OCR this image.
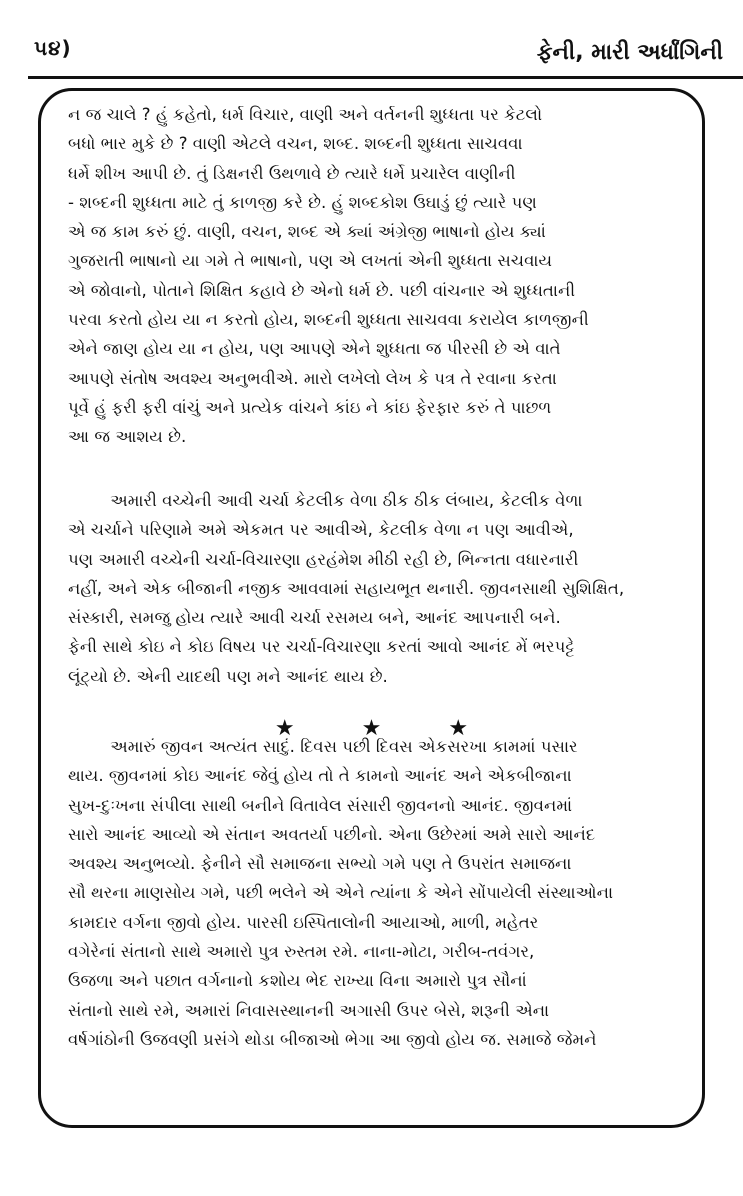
૫૪)	ફેની, મારી અર્ધાંગિની
ન જ ચાલે ? હું કહેતો, ધર્મ વિચાર, વાણી અને વર્તનની શુધ્ધતા પર કેટલો
બધો ભાર મુકે છે ? વાણી એટલે વચન, શબ્દ. શબ્દની શુધ્ધતા સાચવવા
ધર્મે શીખ આપી છે. તું ડિક્ષનરી ઉથળાવે છે ત્યારે ધર્મે પ્રચારેલ વાણીની
- શબ્દની શુધ્ધતા માટે તું કાળજી કરે છે. હું શબ્દકોશ ઉઘાડું છું ત્યારે પણ
એ જ કામ કરું છું. વાણી, વચન, શબ્દ એ ક્યાં અંગ્રેજી ભાષાનો હોય ક્યાં
ગુજરાતી ભાષાનો યા ગમે તે ભાષાનો, પણ એ લખતાં એની શુધ્ધતા સચવાય
એ જોવાનો, પોતાને શિક્ષિત કહાવે છે એનો ધર્મ છે. પછી વાંચનાર એ શુધ્ધતાની
પરવા કરતો હોય યા ન કરતો હોય, શબ્દની શુધ્ધતા સાચવવા કરાયેલ કાળજીની
એને જાણ હોય યા ન હોય, પણ આપણે એને શુધ્ધતા જ પીરસી છે એ વાતે
આપણે સંતોષ અવશ્ય અનુભવીએ. મારો લખેલો લેખ કે પત્ર તે રવાના કરતા
પૂર્વે હું ફરી ફરી વાંચું અને પ્રત્યેક વાંચને કાંઇ ને કાંઇ ફેરફાર કરું તે પાછળ
આ જ આશય છે.
અમારી વચ્ચેની આવી ચર્ચા કેટલીક વેળા ઠીક ઠીક લંબાય, કેટલીક વેળા
એ ચર્ચાને પરિણામે અમે એકમત પર આવીએ, કેટલીક વેળા ન પણ આવીએ,
પણ અમારી વચ્ચેની ચર્ચા-વિચારણા હરહંમેશ મીઠી રહી છે, ભિન્નતા વધારનારી
નહીં, અને એક બીજાની નજીક આવવામાં સહાયભૂત થનારી. જીવનસાથી સુશિક્ષિત,
સંસ્કારી, સમજુ હોય ત્યારે આવી ચર્ચા રસમય બને, આનંદ આપનારી બને.
ફેની સાથે કોઇ ને કોઇ વિષય પર ચર્ચા-વિચારણા કરતાં આવો આનંદ મેં ભરપટ્ટે
લૂંટ્યો છે. એની યાદથી પણ મને આનંદ થાય છે.
★ ★ ★
અમારું જીવન અત્યંત સાદું. દિવસ પછી દિવસ એકસરખા કામમાં પસાર
થાય. જીવનમાં કોઇ આનંદ જેવું હોય તો તે કામનો આનંદ અને એકબીજાના
સુખ-દુઃખના સંપીલા સાથી બનીને વિતાવેલ સંસારી જીવનનો આનંદ. જીવનમાં
સારો આનંદ આવ્યો એ સંતાન અવતર્યા પછીનો. એના ઉછેરમાં અમે સારો આનંદ
અવશ્ય અનુભવ્યો. ફેનીને સૌ સમાજના સભ્યો ગમે પણ તે ઉપરાંત સમાજના
સૌ થરના માણસોય ગમે, પછી ભલેને એ એને ત્યાંના કે એને સોંપાયેલી સંસ્થાઓના
કામદાર વર્ગના જીવો હોય. પારસી ઇસ્પિતાલોની આયાઓ, માળી, મહેતર
વગેરેનાં સંતાનો સાથે અમારો પુત્ર રુસ્તમ રમે. નાના-મોટા, ગરીબ-તવંગર,
ઉજળા અને પછાત વર્ગનાનો કશોય ભેદ રાખ્યા વિના અમારો પુત્ર સૌનાં
સંતાનો સાથે રમે, અમારાં નિવાસસ્થાનની અગાસી ઉપર બેસે, શરૂની એના
વર્ષગાંઠોની ઉજવણી પ્રસંગે થોડા બીજાઓ ભેગા આ જીવો હોય જ. સમાજે જેમને
